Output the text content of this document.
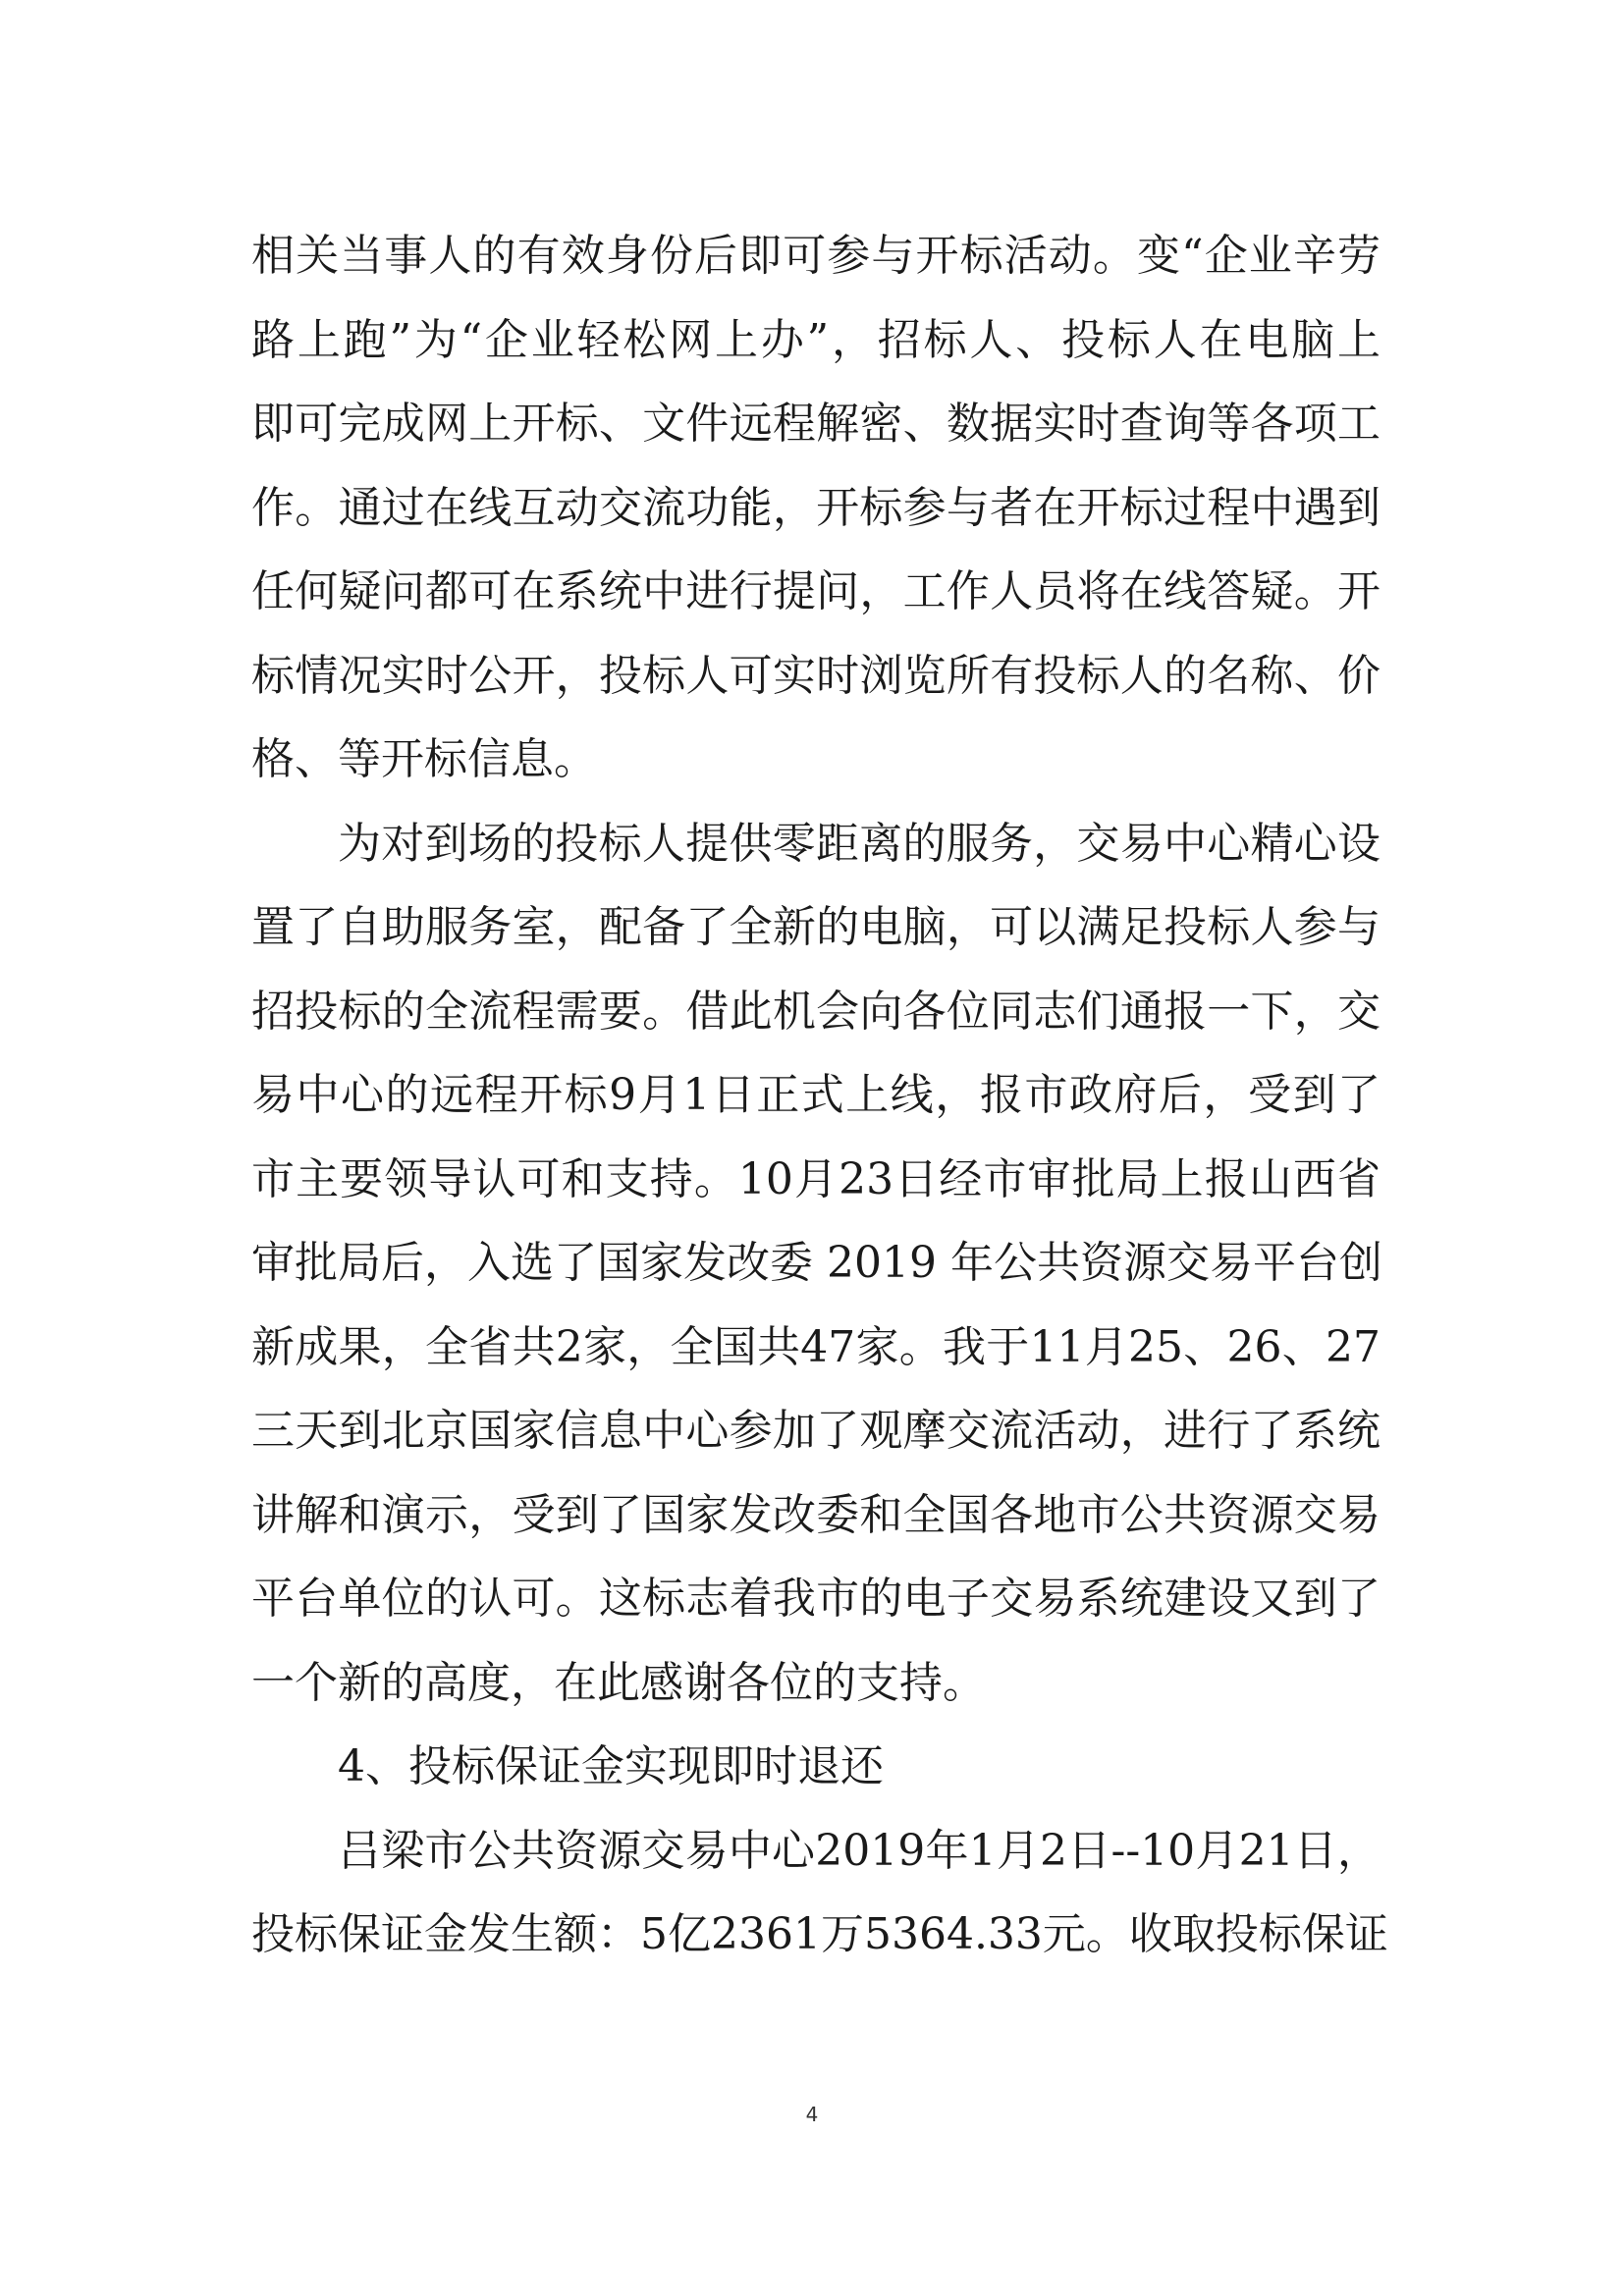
相关当事人的有效身份后即可参与开标活动。变“企业辛劳
路上跑”为“企业轻松网上办”，招标人、投标人在电脑上
即可完成网上开标、文件远程解密、数据实时查询等各项工
作。通过在线互动交流功能，开标参与者在开标过程中遇到
任何疑问都可在系统中进行提问，工作人员将在线答疑。开
标情况实时公开，投标人可实时浏览所有投标人的名称、价
格、等开标信息。
为对到场的投标人提供零距离的服务，交易中心精心设
置了自助服务室，配备了全新的电脑，可以满足投标人参与
招投标的全流程需要。借此机会向各位同志们通报一下，交
易中心的远程开标9月1日正式上线，报市政府后，受到了
市主要领导认可和支持。10月23日经市审批局上报山西省
审批局后，入选了国家发改委 2019 年公共资源交易平台创
新成果，全省共2家，全国共47家。我于11月25、26、27
三天到北京国家信息中心参加了观摩交流活动，进行了系统
讲解和演示，受到了国家发改委和全国各地市公共资源交易
平台单位的认可。这标志着我市的电子交易系统建设又到了
一个新的高度，在此感谢各位的支持。
4、投标保证金实现即时退还
吕梁市公共资源交易中心2019年1月2日--10月21日，
投标保证金发生额：5亿2361万5364.33元。收取投标保证
4
